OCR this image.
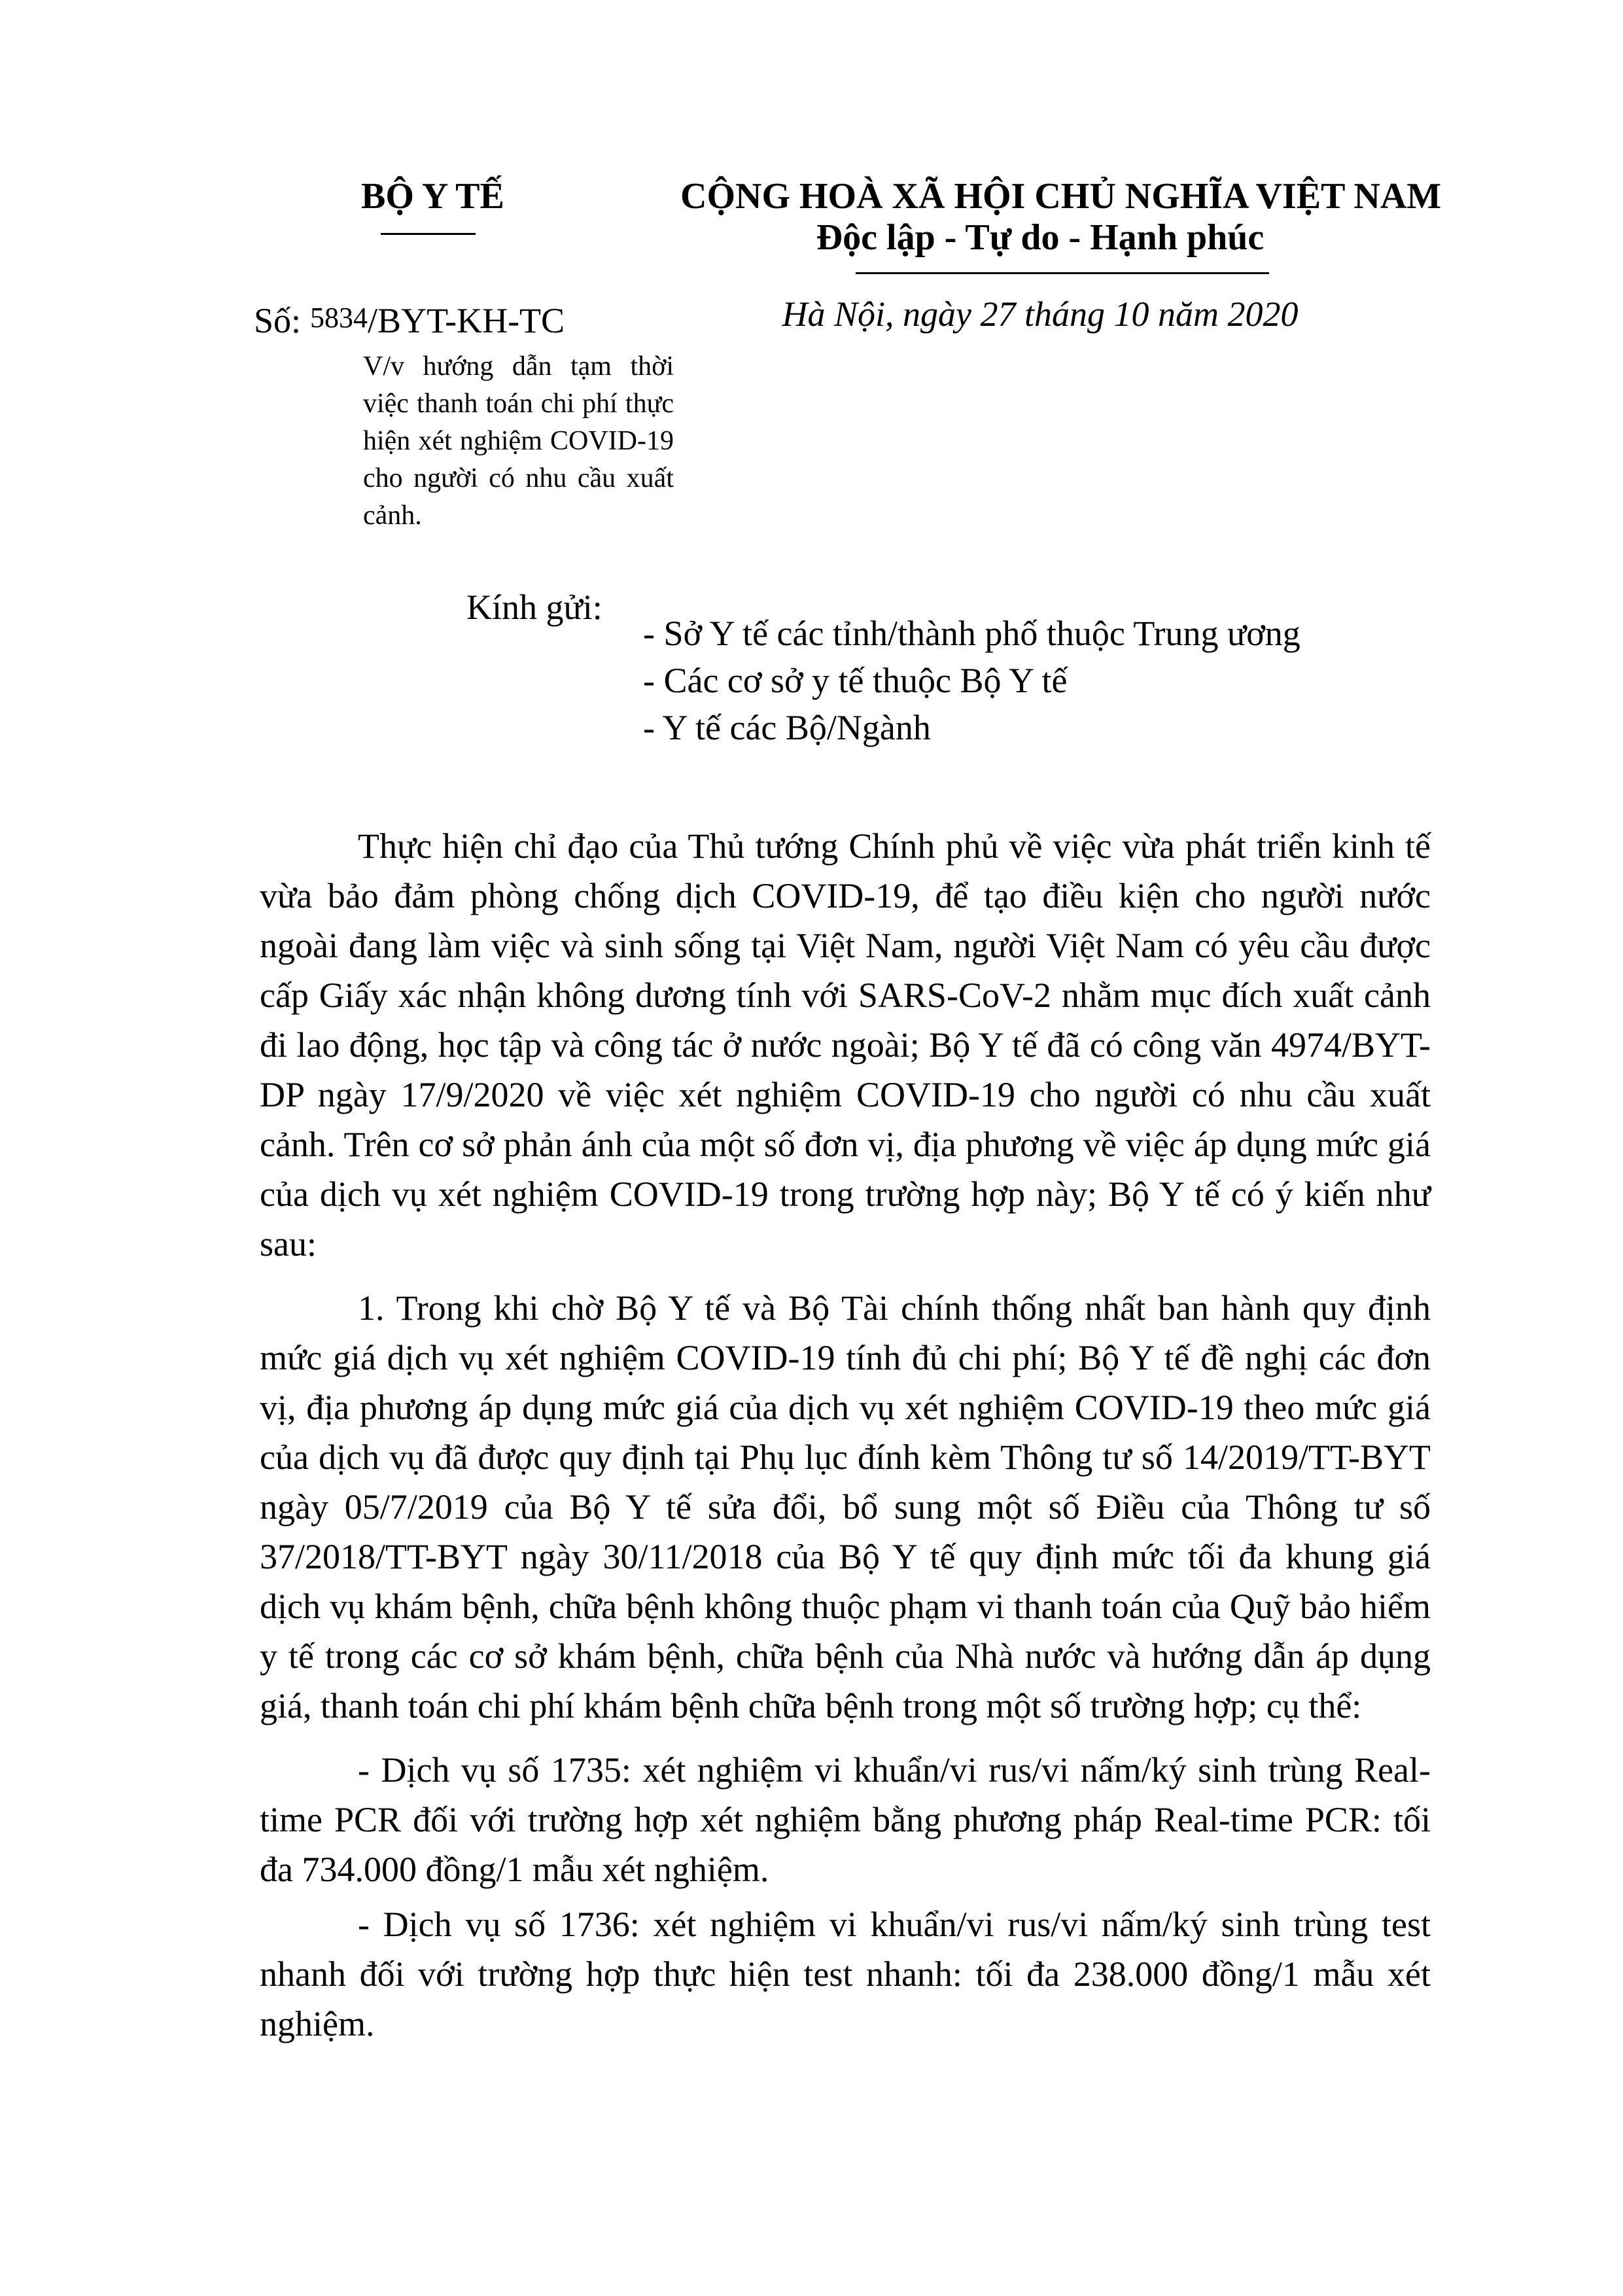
BỘ Y TẾ
Số: 5834/BYT-KH-TC
V/v hướng dẫn tạm thời việc thanh toán chi phí thực hiện xét nghiệm COVID-19 cho người có nhu cầu xuất cảnh.
CỘNG HOÀ XÃ HỘI CHỦ NGHĨA VIỆT NAM
Độc lập - Tự do - Hạnh phúc
Hà Nội, ngày 27 tháng 10 năm 2020
Kính gửi:
- Sở Y tế các tỉnh/thành phố thuộc Trung ương
- Các cơ sở y tế thuộc Bộ Y tế
- Y tế các Bộ/Ngành

Thực hiện chỉ đạo của Thủ tướng Chính phủ về việc vừa phát triển kinh tế vừa bảo đảm phòng chống dịch COVID-19, để tạo điều kiện cho người nước ngoài đang làm việc và sinh sống tại Việt Nam, người Việt Nam có yêu cầu được cấp Giấy xác nhận không dương tính với SARS-CoV-2 nhằm mục đích xuất cảnh đi lao động, học tập và công tác ở nước ngoài; Bộ Y tế đã có công văn 4974/BYT-DP ngày 17/9/2020 về việc xét nghiệm COVID-19 cho người có nhu cầu xuất cảnh. Trên cơ sở phản ánh của một số đơn vị, địa phương về việc áp dụng mức giá của dịch vụ xét nghiệm COVID-19 trong trường hợp này; Bộ Y tế có ý kiến như sau:

1. Trong khi chờ Bộ Y tế và Bộ Tài chính thống nhất ban hành quy định mức giá dịch vụ xét nghiệm COVID-19 tính đủ chi phí; Bộ Y tế đề nghị các đơn vị, địa phương áp dụng mức giá của dịch vụ xét nghiệm COVID-19 theo mức giá của dịch vụ đã được quy định tại Phụ lục đính kèm Thông tư số 14/2019/TT-BYT ngày 05/7/2019 của Bộ Y tế sửa đổi, bổ sung một số Điều của Thông tư số 37/2018/TT-BYT ngày 30/11/2018 của Bộ Y tế quy định mức tối đa khung giá dịch vụ khám bệnh, chữa bệnh không thuộc phạm vi thanh toán của Quỹ bảo hiểm y tế trong các cơ sở khám bệnh, chữa bệnh của Nhà nước và hướng dẫn áp dụng giá, thanh toán chi phí khám bệnh chữa bệnh trong một số trường hợp; cụ thể:

- Dịch vụ số 1735: xét nghiệm vi khuẩn/vi rus/vi nấm/ký sinh trùng Real-time PCR đối với trường hợp xét nghiệm bằng phương pháp Real-time PCR: tối đa 734.000 đồng/1 mẫu xét nghiệm.

- Dịch vụ số 1736: xét nghiệm vi khuẩn/vi rus/vi nấm/ký sinh trùng test nhanh đối với trường hợp thực hiện test nhanh: tối đa 238.000 đồng/1 mẫu xét nghiệm.
